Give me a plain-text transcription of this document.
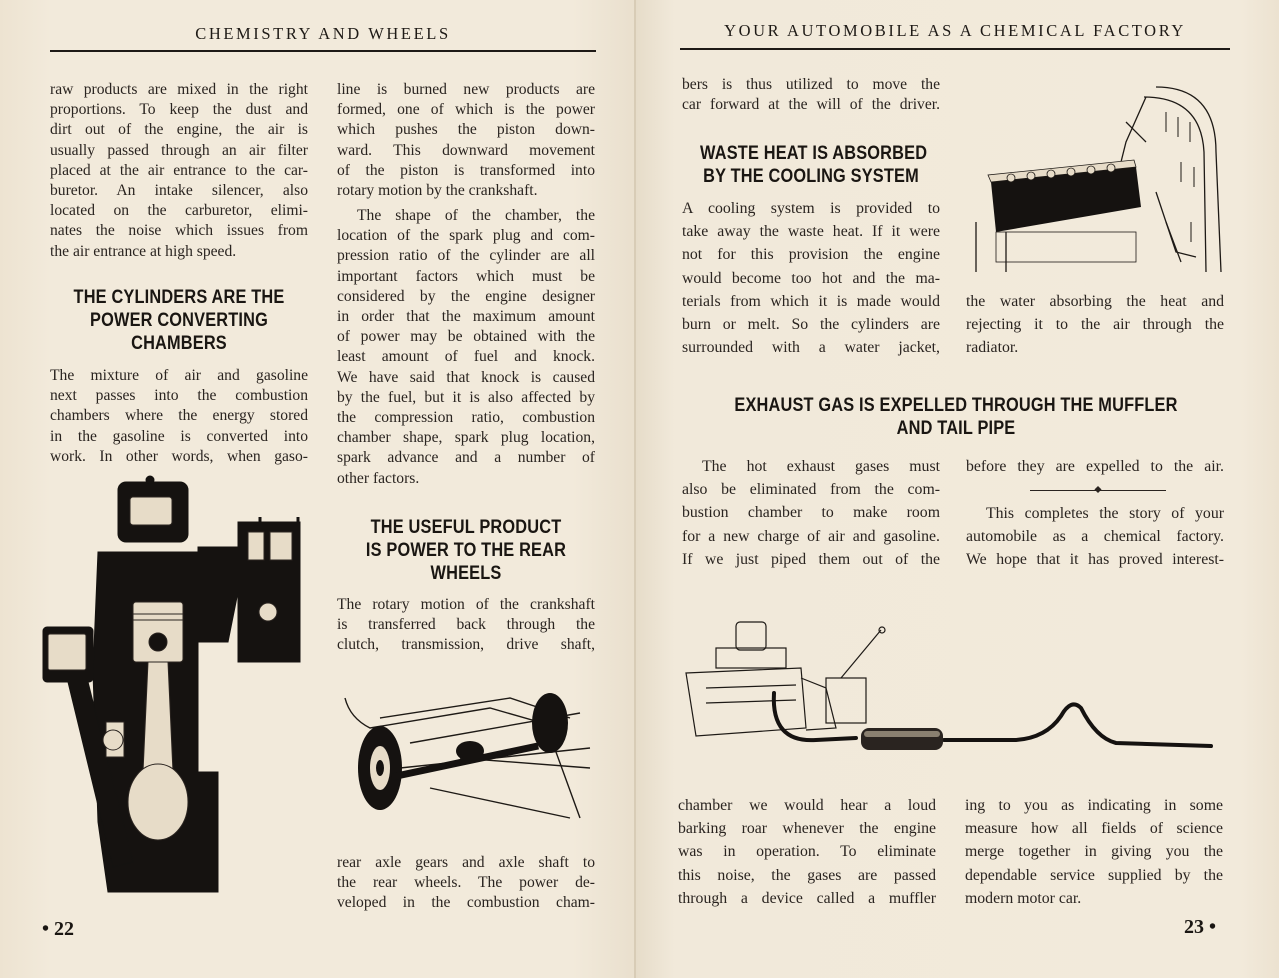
CHEMISTRY AND WHEELS
raw products are mixed in the right
proportions. To keep the dust and
dirt out of the engine, the air is
usually passed through an air filter
placed at the air entrance to the car-
buretor. An intake silencer, also
located on the carburetor, elimi-
nates the noise which issues from
the air entrance at high speed.
THE CYLINDERS ARE THE
POWER CONVERTING
CHAMBERS
The mixture of air and gasoline
next passes into the combustion
chambers where the energy stored
in the gasoline is converted into
work. In other words, when gaso-
line is burned new products are
formed, one of which is the power
which pushes the piston down-
ward. This downward movement
of the piston is transformed into
rotary motion by the crankshaft.
The shape of the chamber, the
location of the spark plug and com-
pression ratio of the cylinder are all
important factors which must be
considered by the engine designer
in order that the maximum amount
of power may be obtained with the
least amount of fuel and knock.
We have said that knock is caused
by the fuel, but it is also affected by
the compression ratio, combustion
chamber shape, spark plug location,
spark advance and a number of
other factors.
THE USEFUL PRODUCT
IS POWER TO THE REAR
WHEELS
The rotary motion of the crankshaft
is transferred back through the
clutch, transmission, drive shaft,
rear axle gears and axle shaft to
the rear wheels. The power de-
veloped in the combustion cham-
• 22
YOUR AUTOMOBILE AS A CHEMICAL FACTORY
bers is thus utilized to move the
car forward at the will of the driver.
WASTE HEAT IS ABSORBED
BY THE COOLING SYSTEM
A cooling system is provided to
take away the waste heat. If it were
not for this provision the engine
would become too hot and the ma-
terials from which it is made would
burn or melt. So the cylinders are
surrounded with a water jacket,
the water absorbing the heat and
rejecting it to the air through the
radiator.
EXHAUST GAS IS EXPELLED THROUGH THE MUFFLER
AND TAIL PIPE
The hot exhaust gases must
also be eliminated from the com-
bustion chamber to make room
for a new charge of air and gasoline.
If we just piped them out of the
before they are expelled to the air.
This completes the story of your
automobile as a chemical factory.
We hope that it has proved interest-
chamber we would hear a loud
barking roar whenever the engine
was in operation. To eliminate
this noise, the gases are passed
through a device called a muffler
ing to you as indicating in some
measure how all fields of science
merge together in giving you the
dependable service supplied by the
modern motor car.
23 •
